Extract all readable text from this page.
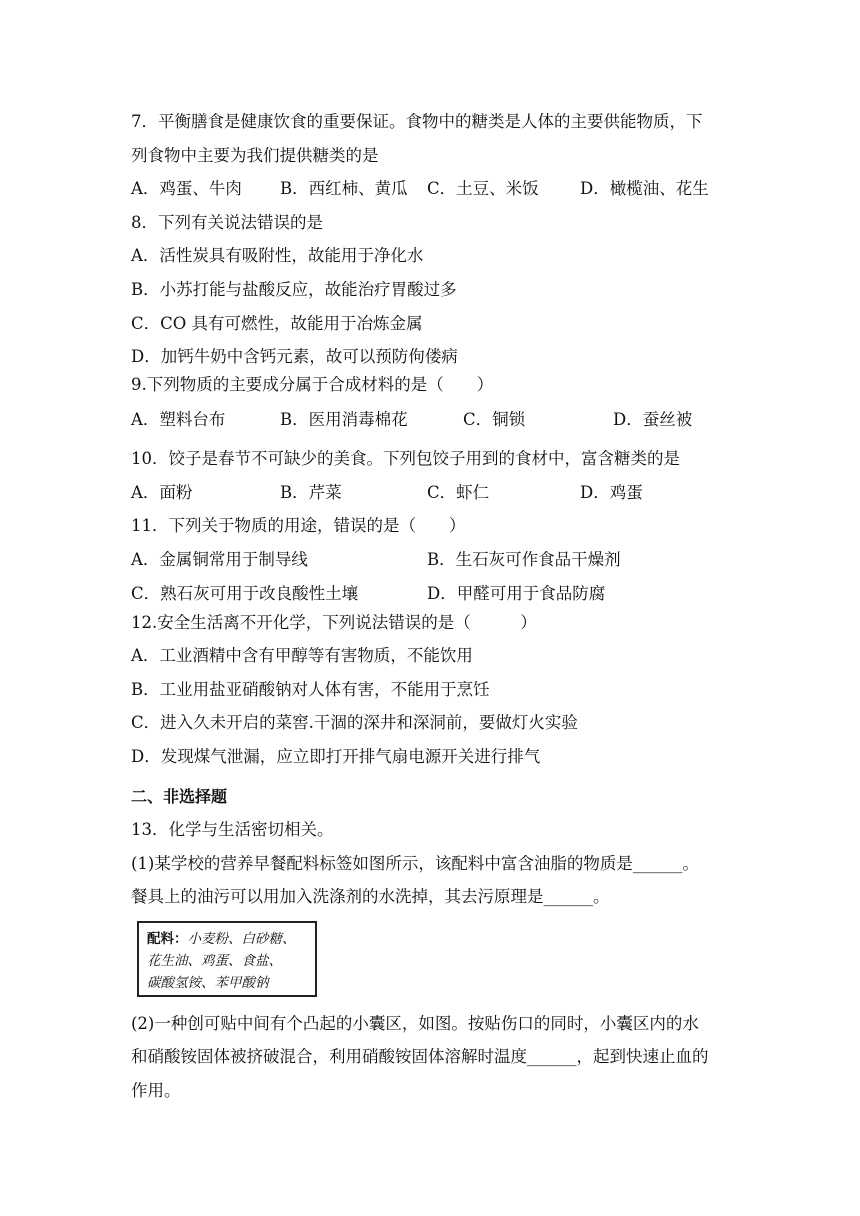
7．平衡膳食是健康饮食的重要保证。食物中的糖类是人体的主要供能物质，下
列食物中主要为我们提供糖类的是
A．鸡蛋、牛肉 B．西红柿、黄瓜 C．土豆、米饭	D．橄榄油、花生
8．下列有关说法错误的是
A．活性炭具有吸附性，故能用于净化水
B．小苏打能与盐酸反应，故能治疗胃酸过多
C．CO 具有可燃性，故能用于冶炼金属
D．加钙牛奶中含钙元素，故可以预防佝偻病
9.下列物质的主要成分属于合成材料的是（　　）
A．塑料台布	B．医用消毒棉花	C．铜锁	D．蚕丝被
10．饺子是春节不可缺少的美食。下列包饺子用到的食材中，富含糖类的是
A．面粉	B．芹菜	C．虾仁	D．鸡蛋
11．下列关于物质的用途，错误的是（　　）
A．金属铜常用于制导线	B．生石灰可作食品干燥剂
C．熟石灰可用于改良酸性土壤	D．甲醛可用于食品防腐
12.安全生活离不开化学，下列说法错误的是（　　　）
A．工业酒精中含有甲醇等有害物质，不能饮用
B．工业用盐亚硝酸钠对人体有害，不能用于烹饪
C．进入久未开启的菜窖.干涸的深井和深洞前，要做灯火实验
D．发现煤气泄漏，应立即打开排气扇电源开关进行排气
二、非选择题
13．化学与生活密切相关。
(1)某学校的营养早餐配料标签如图所示，该配料中富含油脂的物质是______。
餐具上的油污可以用加入洗涤剂的水洗掉，其去污原理是______。
配料：小麦粉、白砂糖、
花生油、鸡蛋、食盐、
碳酸氢铵、苯甲酸钠
(2)一种创可贴中间有个凸起的小囊区，如图。按贴伤口的同时，小囊区内的水
和硝酸铵固体被挤破混合，利用硝酸铵固体溶解时温度______，起到快速止血的
作用。
